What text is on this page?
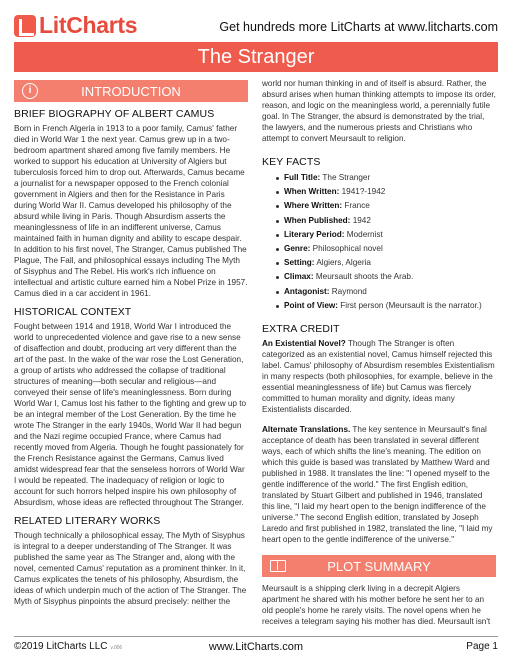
LitCharts	Get hundreds more LitCharts at www.litcharts.com
The Stranger
i	INTRODUCTION
BRIEF BIOGRAPHY OF ALBERT CAMUS

Born in French Algeria in 1913 to a poor family, Camus' father died in World War 1 the next year. Camus grew up in a two-bedroom apartment shared among five family members. He worked to support his education at University of Algiers but tuberculosis forced him to drop out. Afterwards, Camus became a journalist for a newspaper opposed to the French colonial government in Algiers and then for the Resistance in Paris during World War II. Camus developed his philosophy of the absurd while living in Paris. Though Absurdism asserts the meaninglessness of life in an indifferent universe, Camus maintained faith in human dignity and ability to escape despair. In addition to his first novel, The Stranger, Camus published The Plague, The Fall, and philosophical essays including The Myth of Sisyphus and The Rebel. His work's rich influence on intellectual and artistic culture earned him a Nobel Prize in 1957. Camus died in a car accident in 1961.

HISTORICAL CONTEXT

Fought between 1914 and 1918, World War I introduced the world to unprecedented violence and gave rise to a new sense of disaffection and doubt, producing art very different than the art of the past. In the wake of the war rose the Lost Generation, a group of artists who addressed the collapse of traditional structures of meaning—both secular and religious—and conveyed their sense of life's meaninglessness. Born during World War I, Camus lost his father to the fighting and grew up to be an integral member of the Lost Generation. By the time he wrote The Stranger in the early 1940s, World War II had begun and the Nazi regime occupied France, where Camus had recently moved from Algeria. Though he fought passionately for the French Resistance against the Germans, Camus lived amidst widespread fear that the senseless horrors of World War I would be repeated. The inadequacy of religion or logic to account for such horrors helped inspire his own philosophy of Absurdism, whose ideas are reflected throughout The Stranger.

RELATED LITERARY WORKS

Though technically a philosophical essay, The Myth of Sisyphus is integral to a deeper understanding of The Stranger. It was published the same year as The Stranger and, along with the novel, cemented Camus' reputation as a prominent thinker. In it, Camus explicates the tenets of his philosophy, Absurdism, the ideas of which underpin much of the action of The Stranger. The Myth of Sisyphus pinpoints the absurd precisely: neither the

world nor human thinking in and of itself is absurd. Rather, the absurd arises when human thinking attempts to impose its order, reason, and logic on the meaningless world, a perennially futile goal. In The Stranger, the absurd is demonstrated by the trial, the lawyers, and the numerous priests and Christians who attempt to convert Meursault to religion.

KEY FACTS
Full Title: The Stranger
When Written: 1941?-1942
Where Written: France
When Published: 1942
Literary Period: Modernist
Genre: Philosophical novel
Setting: Algiers, Algeria
Climax: Meursault shoots the Arab.
Antagonist: Raymond
Point of View: First person (Meursault is the narrator.)
EXTRA CREDIT

An Existential Novel? Though The Stranger is often categorized as an existential novel, Camus himself rejected this label. Camus' philosophy of Absurdism resembles Existentialism in many respects (both philosophies, for example, believe in the essential meaninglessness of life) but Camus was fiercely committed to human morality and dignity, ideas many Existentialists discarded.

Alternate Translations. The key sentence in Meursault's final acceptance of death has been translated in several different ways, each of which shifts the line's meaning. The edition on which this guide is based was translated by Matthew Ward and published in 1988. It translates the line: "I opened myself to the gentle indifference of the world." The first English edition, translated by Stuart Gilbert and published in 1946, translated this line, "I laid my heart open to the benign indifference of the universe." The second English edition, translated by Joseph Laredo and first published in 1982, translated the line, "I laid my heart open to the gentle indifference of the universe."

PLOT SUMMARY

Meursault is a shipping clerk living in a decrepit Algiers apartment he shared with his mother before he sent her to an old people's home he rarely visits. The novel opens when he receives a telegram saying his mother has died. Meursault isn't

©2019 LitCharts LLC v.006	www.LitCharts.com	Page 1
